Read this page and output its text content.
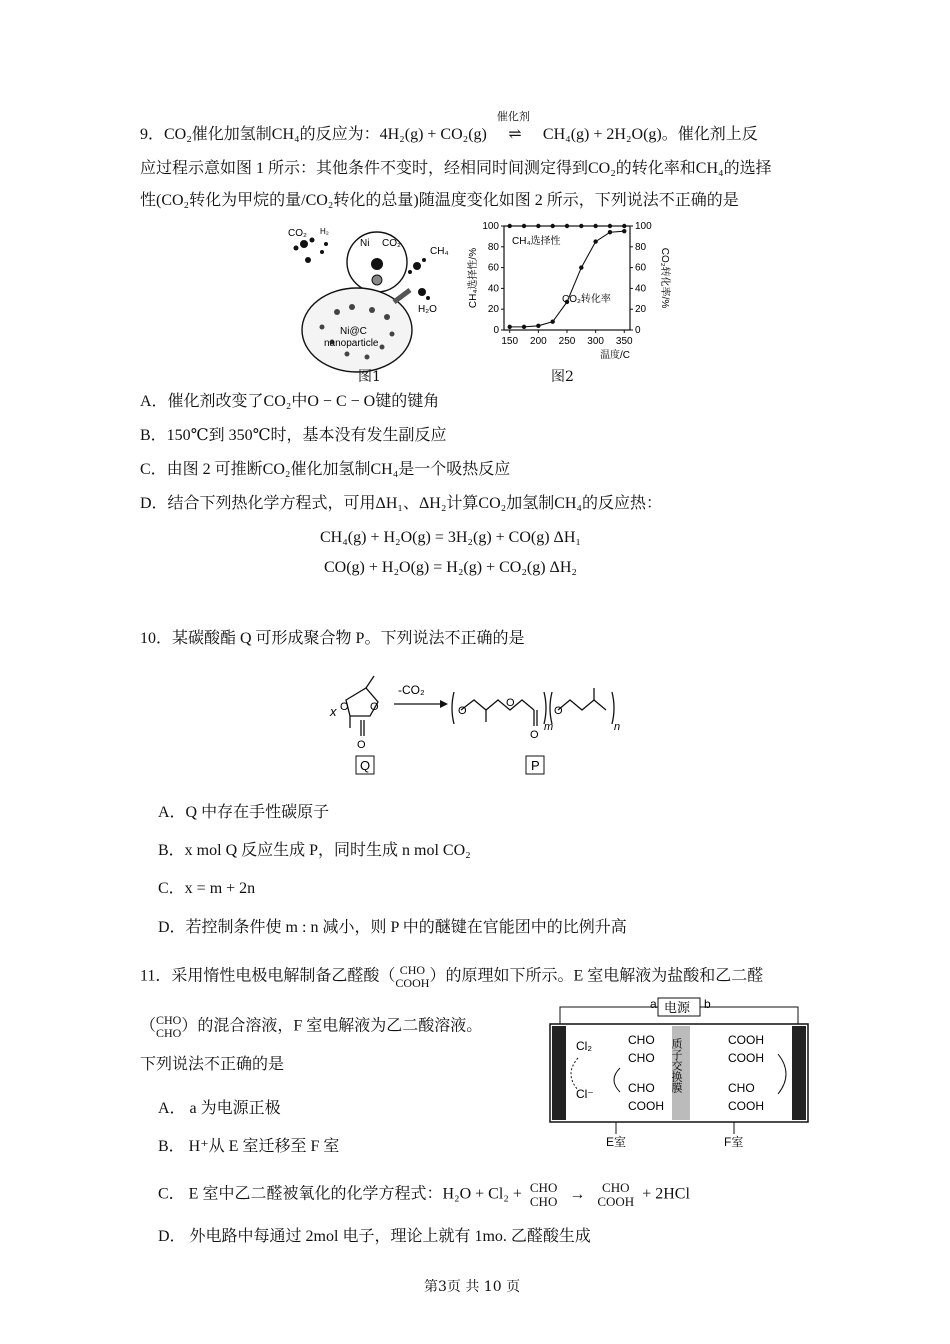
9．CO₂催化加氢制CH₄的反应为：4H₂(g) + CO₂(g)
催化剂
⇌ CH₄(g) + 2H₂O(g)。催化剂上反
应过程示意如图 1 所示：其他条件不变时，经相同时间测定得到CO₂的转化率和CH₄的选择
性(CO₂转化为甲烷的量/CO₂转化的总量)随温度变化如图 2 所示，下列说法不正确的是
CO₂ H₂
Ni CO₂
CH₄
H₂O
Ni@C
nanoparticle
图1
0	0
20	20
40	40
60	60
80	80
100	100
150 200 250 300 350
CH₄选择性
CO₂转化率
温度/C
CH₄选择性/%	CO₂转化率/%
图2
A．催化剂改变了CO₂中O − C − O键的键角
B．150℃到 350℃时，基本没有发生副反应
C．由图 2 可推断CO₂催化加氢制CH₄是一个吸热反应
D．结合下列热化学方程式，可用ΔH₁、ΔH₂计算CO₂加氢制CH₄的反应热：
CH₄(g) + H₂O(g) = 3H₂(g) + CO(g) ΔH₁
CO(g) + H₂O(g) = H₂(g) + CO₂(g) ΔH₂
10．某碳酸酯 Q 可形成聚合物 P。下列说法不正确的是
x O O
O
-CO₂
O
O
O
O
m	n
Q	P
A．Q 中存在手性碳原子
B．x mol Q 反应生成 P，同时生成 n mol CO₂
C．x = m + 2n
D．若控制条件使 m : n 减小，则 P 中的醚键在官能团中的比例升高
11．采用惰性电极电解制备乙醛酸（ CHO
COOH）的原理如下所示。E 室电解液为盐酸和乙二醛
（CHO
CHO）的混合溶液，F 室电解液为乙二酸溶液。
下列说法不正确的是
电源
a	b
质子交换膜
Cl₂
Cl⁻
CHO
CHO
CHO
COOH
COOH
COOH
CHO
COOH
E室	F室
A． a 为电源正极
B． H⁺从 E 室迁移至 F 室
C． E 室中乙二醛被氧化的化学方程式：H₂O + Cl₂ + CHO
CHO → CHO
COOH + 2HCl
D． 外电路中每通过 2mol 电子，理论上就有 1mo. 乙醛酸生成
第3页 共 10 页
